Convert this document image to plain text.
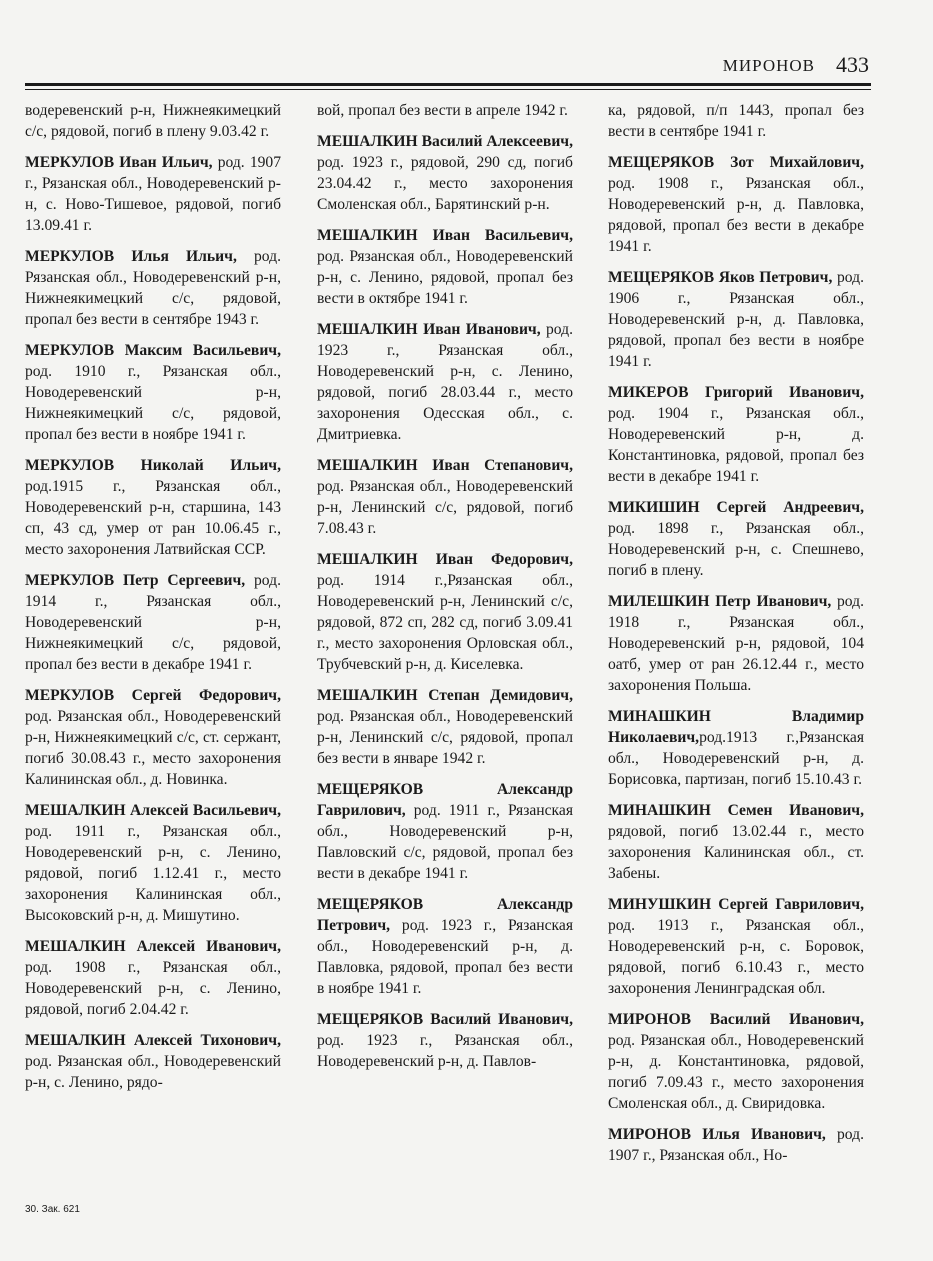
МИРОНОВ 433

водеревенский р-н, Нижнеякимецкий с/с, рядовой, погиб в плену 9.03.42 г.

МЕРКУЛОВ Иван Ильич, род. 1907 г., Рязанская обл., Новодеревенский р-н, с. Ново-Тишевое, рядовой, погиб 13.09.41 г.

МЕРКУЛОВ Илья Ильич, род. Рязанская обл., Новодеревенский р-н, Нижнеякимецкий с/с, рядовой, пропал без вести в сентябре 1943 г.

МЕРКУЛОВ Максим Васильевич, род. 1910 г., Рязанская обл., Новодеревенский р-н, Нижнеякимецкий с/с, рядовой, пропал без вести в ноябре 1941 г.

МЕРКУЛОВ Николай Ильич, род.1915 г., Рязанская обл., Новодеревенский р-н, старшина, 143 сп, 43 сд, умер от ран 10.06.45 г., место захоронения Латвийская ССР.

МЕРКУЛОВ Петр Сергеевич, род. 1914 г., Рязанская обл., Новодеревенский р-н, Нижнеякимецкий с/с, рядовой, пропал без вести в декабре 1941 г.

МЕРКУЛОВ Сергей Федорович, род. Рязанская обл., Новодеревенский р-н, Нижнеякимецкий с/с, ст. сержант, погиб 30.08.43 г., место захоронения Калининская обл., д. Новинка.

МЕШАЛКИН Алексей Васильевич, род. 1911 г., Рязанская обл., Новодеревенский р-н, с. Ленино, рядовой, погиб 1.12.41 г., место захоронения Калининская обл., Высоковский р-н, д. Мишутино.

МЕШАЛКИН Алексей Иванович, род. 1908 г., Рязанская обл., Новодеревенский р-н, с. Ленино, рядовой, погиб 2.04.42 г.

МЕШАЛКИН Алексей Тихонович, род. Рязанская обл., Новодеревенский р-н, с. Ленино, рядо-

вой, пропал без вести в апреле 1942 г.

МЕШАЛКИН Василий Алексеевич, род. 1923 г., рядовой, 290 сд, погиб 23.04.42 г., место захоронения Смоленская обл., Барятинский р-н.

МЕШАЛКИН Иван Васильевич, род. Рязанская обл., Новодеревенский р-н, с. Ленино, рядовой, пропал без вести в октябре 1941 г.

МЕШАЛКИН Иван Иванович, род. 1923 г., Рязанская обл., Новодеревенский р-н, с. Ленино, рядовой, погиб 28.03.44 г., место захоронения Одесская обл., с. Дмитриевка.

МЕШАЛКИН Иван Степанович, род. Рязанская обл., Новодеревенский р-н, Ленинский с/с, рядовой, погиб 7.08.43 г.

МЕШАЛКИН Иван Федорович, род. 1914 г.,Рязанская обл., Новодеревенский р-н, Ленинский с/с, рядовой, 872 сп, 282 сд, погиб 3.09.41 г., место захоронения Орловская обл., Трубчевский р-н, д. Киселевка.

МЕШАЛКИН Степан Демидович, род. Рязанская обл., Новодеревенский р-н, Ленинский с/с, рядовой, пропал без вести в январе 1942 г.

МЕЩЕРЯКОВ Александр Гаврилович, род. 1911 г., Рязанская обл., Новодеревенский р-н, Павловский с/с, рядовой, пропал без вести в декабре 1941 г.

МЕЩЕРЯКОВ Александр Петрович, род. 1923 г., Рязанская обл., Новодеревенский р-н, д. Павловка, рядовой, пропал без вести в ноябре 1941 г.

МЕЩЕРЯКОВ Василий Иванович, род. 1923 г., Рязанская обл., Новодеревенский р-н, д. Павлов-

ка, рядовой, п/п 1443, пропал без вести в сентябре 1941 г.

МЕЩЕРЯКОВ Зот Михайлович, род. 1908 г., Рязанская обл., Новодеревенский р-н, д. Павловка, рядовой, пропал без вести в декабре 1941 г.

МЕЩЕРЯКОВ Яков Петрович, род. 1906 г., Рязанская обл., Новодеревенский р-н, д. Павловка, рядовой, пропал без вести в ноябре 1941 г.

МИКЕРОВ Григорий Иванович, род. 1904 г., Рязанская обл., Новодеревенский р-н, д. Константиновка, рядовой, пропал без вести в декабре 1941 г.

МИКИШИН Сергей Андреевич, род. 1898 г., Рязанская обл., Новодеревенский р-н, с. Спешнево, погиб в плену.

МИЛЕШКИН Петр Иванович, род. 1918 г., Рязанская обл., Новодеревенский р-н, рядовой, 104 оатб, умер от ран 26.12.44 г., место захоронения Польша.

МИНАШКИН Владимир Николаевич,род.1913 г.,Рязанская обл., Новодеревенский р-н, д. Борисовка, партизан, погиб 15.10.43 г.

МИНАШКИН Семен Иванович, рядовой, погиб 13.02.44 г., место захоронения Калининская обл., ст. Забены.

МИНУШКИН Сергей Гаврилович, род. 1913 г., Рязанская обл., Новодеревенский р-н, с. Боровок, рядовой, погиб 6.10.43 г., место захоронения Ленинградская обл.

МИРОНОВ Василий Иванович, род. Рязанская обл., Новодеревенский р-н, д. Константиновка, рядовой, погиб 7.09.43 г., место захоронения Смоленская обл., д. Свиридовка.

МИРОНОВ Илья Иванович, род. 1907 г., Рязанская обл., Но-

30. Зак. 621
